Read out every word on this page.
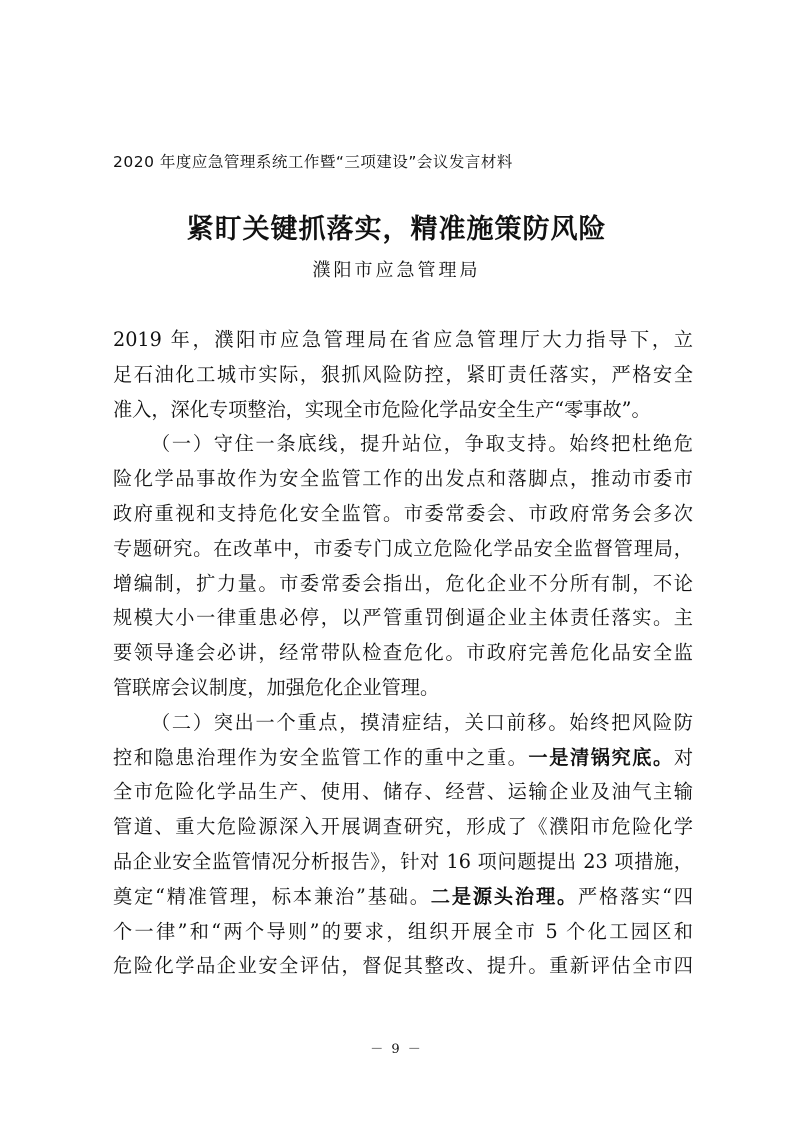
2020 年度应急管理系统工作暨“三项建设”会议发言材料
紧盯关键抓落实，精准施策防风险
濮阳市应急管理局
2019 年，濮阳市应急管理局在省应急管理厅大力指导下，立
足石油化工城市实际，狠抓风险防控，紧盯责任落实，严格安全
准入，深化专项整治，实现全市危险化学品安全生产“零事故”。
（一）守住一条底线，提升站位，争取支持。始终把杜绝危
险化学品事故作为安全监管工作的出发点和落脚点，推动市委市
政府重视和支持危化安全监管。市委常委会、市政府常务会多次
专题研究。在改革中，市委专门成立危险化学品安全监督管理局，
增编制，扩力量。市委常委会指出，危化企业不分所有制，不论
规模大小一律重患必停，以严管重罚倒逼企业主体责任落实。主
要领导逢会必讲，经常带队检查危化。市政府完善危化品安全监
管联席会议制度，加强危化企业管理。
（二）突出一个重点，摸清症结，关口前移。始终把风险防
控和隐患治理作为安全监管工作的重中之重。一是清锅究底。对
全市危险化学品生产、使用、储存、经营、运输企业及油气主输
管道、重大危险源深入开展调查研究，形成了《濮阳市危险化学
品企业安全监管情况分析报告》，针对 16 项问题提出 23 项措施，
奠定“精准管理，标本兼治”基础。二是源头治理。严格落实“四
个一律”和“两个导则”的要求，组织开展全市 5 个化工园区和
危险化学品企业安全评估，督促其整改、提升。重新评估全市四
－ 9 －
